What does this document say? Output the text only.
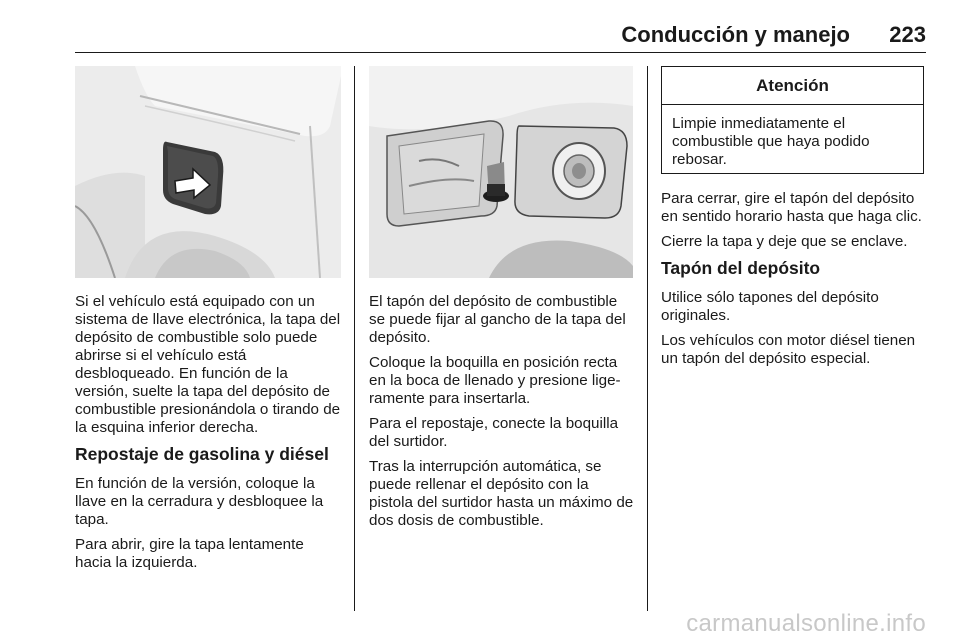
Conducción y manejo 223

Si el vehículo está equipado con un sistema de llave electrónica, la tapa del depósito de combustible solo puede abrirse si el vehículo está desbloqueado. En función de la versión, suelte la tapa del depósito de combustible presionándola o tirando de la esquina inferior derecha.

Repostaje de gasolina y diésel

En función de la versión, coloque la llave en la cerradura y desbloquee la tapa.

Para abrir, gire la tapa lentamente hacia la izquierda.

El tapón del depósito de combustible se puede fijar al gancho de la tapa del depósito.

Coloque la boquilla en posición recta en la boca de llenado y presione lige- ramente para insertarla.

Para el repostaje, conecte la boquilla del surtidor.

Tras la interrupción automática, se puede rellenar el depósito con la pistola del surtidor hasta un máximo de dos dosis de combustible.

Atención
Limpie inmediatamente el combustible que haya podido rebosar.

Para cerrar, gire el tapón del depósito en sentido horario hasta que haga clic.

Cierre la tapa y deje que se enclave.

Tapón del depósito

Utilice sólo tapones del depósito originales.

Los vehículos con motor diésel tienen un tapón del depósito especial.

carmanualsonline.info
